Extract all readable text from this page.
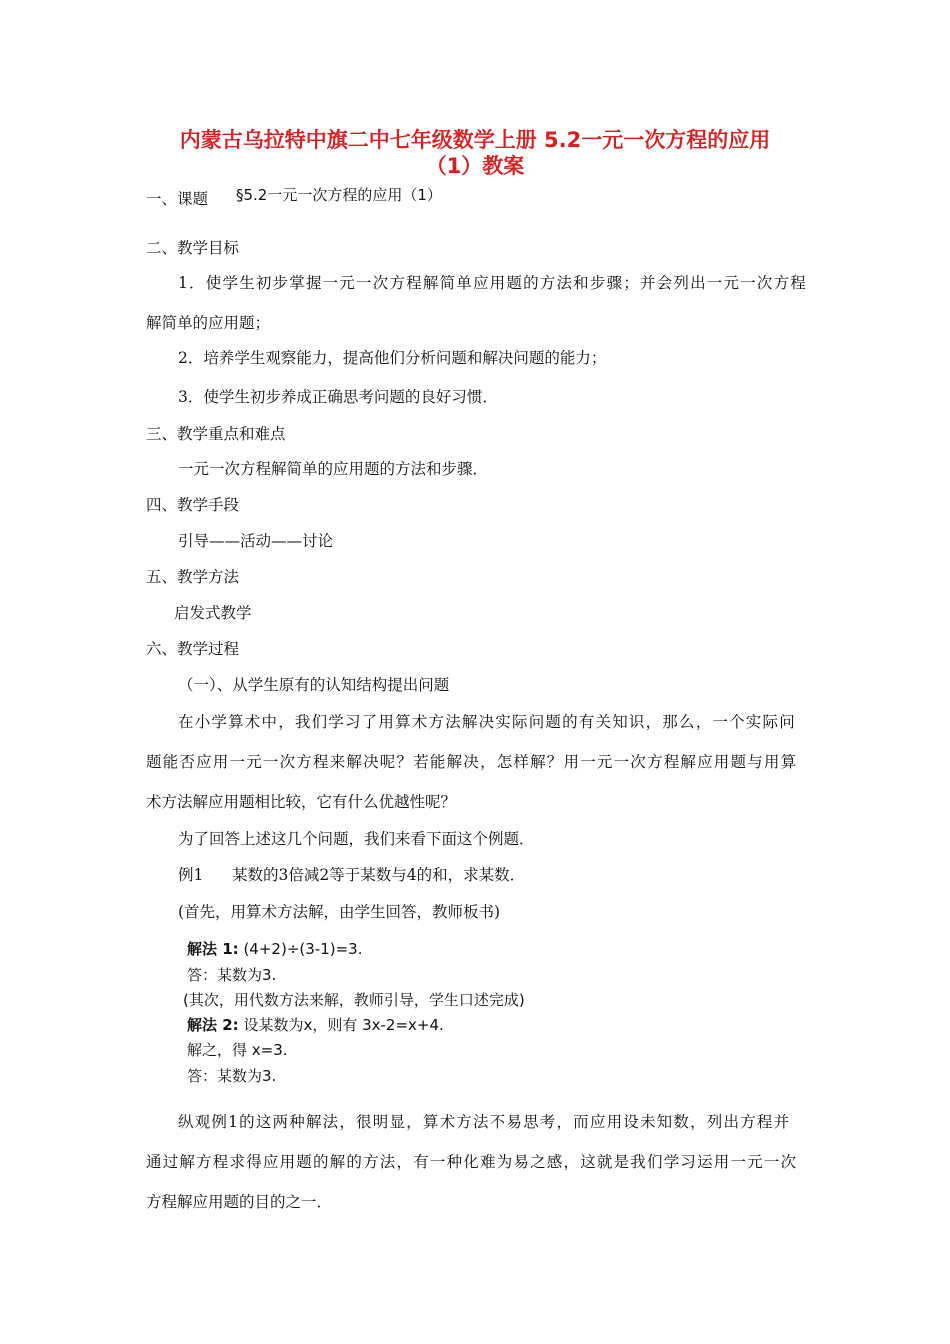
内蒙古乌拉特中旗二中七年级数学上册 5.2一元一次方程的应用
（1）教案
一、课题 §5.2一元一次方程的应用（1）
二、教学目标
1．使学生初步掌握一元一次方程解简单应用题的方法和步骤；并会列出一元一次方程
解简单的应用题；
2．培养学生观察能力，提高他们分析问题和解决问题的能力；
3．使学生初步养成正确思考问题的良好习惯．
三、教学重点和难点
一元一次方程解简单的应用题的方法和步骤．
四、教学手段
引导——活动——讨论
五、教学方法
启发式教学
六、教学过程
（一）、从学生原有的认知结构提出问题
在小学算术中，我们学习了用算术方法解决实际问题的有关知识，那么，一个实际问
题能否应用一元一次方程来解决呢？若能解决，怎样解？用一元一次方程解应用题与用算
术方法解应用题相比较，它有什么优越性呢？
为了回答上述这几个问题，我们来看下面这个例题．
例1 某数的3倍减2等于某数与4的和，求某数．
(首先，用算术方法解，由学生回答，教师板书)
解法 1: (4+2)÷(3-1)=3.
答：某数为3.
(其次，用代数方法来解，教师引导，学生口述完成)
解法 2: 设某数为x，则有 3x-2=x+4.
解之，得 x=3.
答：某数为3.
纵观例1的这两种解法，很明显，算术方法不易思考，而应用设未知数，列出方程并
通过解方程求得应用题的解的方法，有一种化难为易之感，这就是我们学习运用一元一次
方程解应用题的目的之一．
